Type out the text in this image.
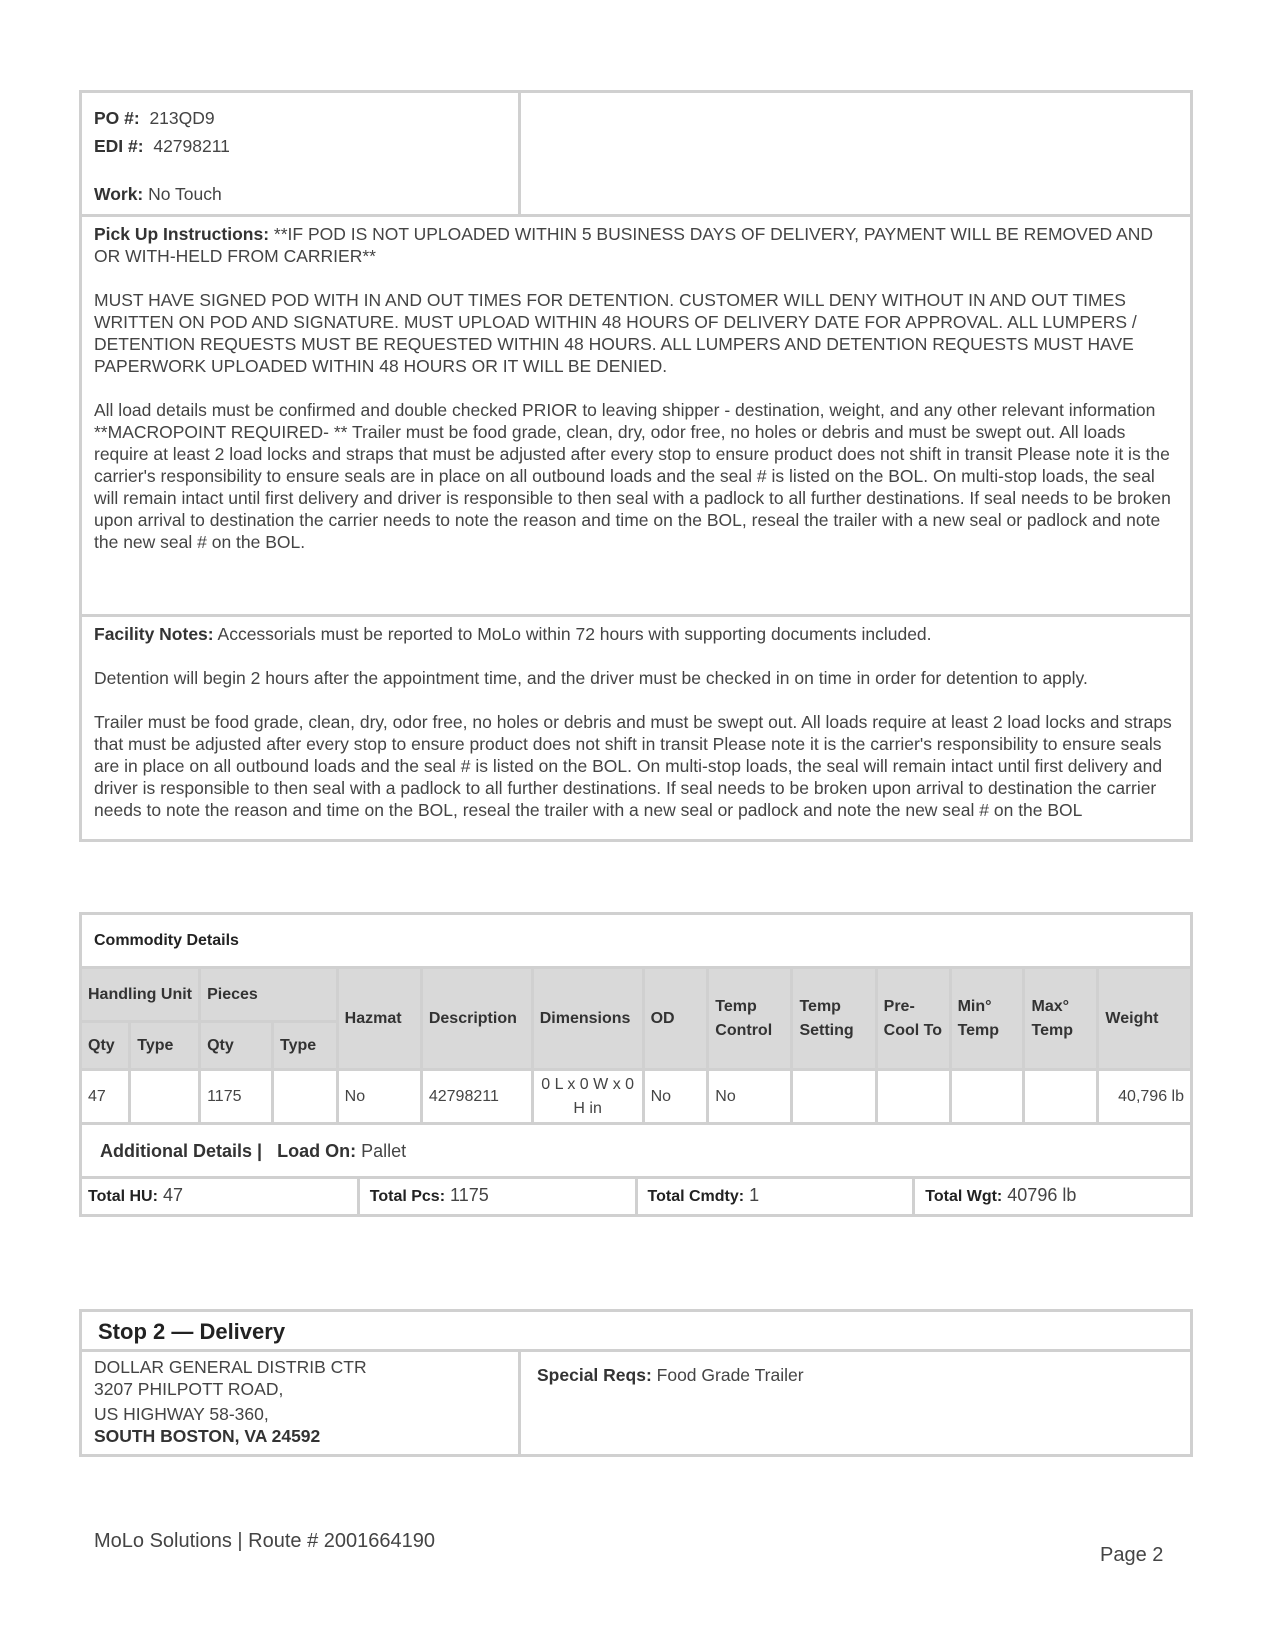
PO #: 213QD9

EDI #: 42798211

Work: No Touch

Pick Up Instructions: **IF POD IS NOT UPLOADED WITHIN 5 BUSINESS DAYS OF DELIVERY, PAYMENT WILL BE REMOVED AND OR WITH-HELD FROM CARRIER**

MUST HAVE SIGNED POD WITH IN AND OUT TIMES FOR DETENTION. CUSTOMER WILL DENY WITHOUT IN AND OUT TIMES WRITTEN ON POD AND SIGNATURE. MUST UPLOAD WITHIN 48 HOURS OF DELIVERY DATE FOR APPROVAL. ALL LUMPERS / DETENTION REQUESTS MUST BE REQUESTED WITHIN 48 HOURS. ALL LUMPERS AND DETENTION REQUESTS MUST HAVE PAPERWORK UPLOADED WITHIN 48 HOURS OR IT WILL BE DENIED.

All load details must be confirmed and double checked PRIOR to leaving shipper - destination, weight, and any other relevant information

**MACROPOINT REQUIRED- ** Trailer must be food grade, clean, dry, odor free, no holes or debris and must be swept out. All loads require at least 2 load locks and straps that must be adjusted after every stop to ensure product does not shift in transit Please note it is the carrier's responsibility to ensure seals are in place on all outbound loads and the seal # is listed on the BOL. On multi-stop loads, the seal will remain intact until first delivery and driver is responsible to then seal with a padlock to all further destinations. If seal needs to be broken upon arrival to destination the carrier needs to note the reason and time on the BOL, reseal the trailer with a new seal or padlock and note the new seal # on the BOL.

Facility Notes: Accessorials must be reported to MoLo within 72 hours with supporting documents included.

Detention will begin 2 hours after the appointment time, and the driver must be checked in on time in order for detention to apply.

Trailer must be food grade, clean, dry, odor free, no holes or debris and must be swept out. All loads require at least 2 load locks and straps that must be adjusted after every stop to ensure product does not shift in transit Please note it is the carrier's responsibility to ensure seals are in place on all outbound loads and the seal # is listed on the BOL. On multi-stop loads, the seal will remain intact until first delivery and driver is responsible to then seal with a padlock to all further destinations. If seal needs to be broken upon arrival to destination the carrier needs to note the reason and time on the BOL, reseal the trailer with a new seal or padlock and note the new seal # on the BOL

Commodity Details													
Handling Unit		Pieces		Hazmat	Description	Dimensions	OD	Temp Control	Temp Setting	Pre-Cool To	Min° Temp	Max° Temp	Weight
Qty	Type	Qty	Type										
47		1175		No	42798211	0 L x 0 W x 0 H in	No	No					40,796 lb
Additional Details | Load On: Pallet													
Total HU: 47	Total Pcs: 1175	Total Cmdty: 1	Total Wgt: 40796 lb
Stop 2 — Delivery

DOLLAR GENERAL DISTRIB CTR

3207 PHILPOTT ROAD,

US HIGHWAY 58-360,

SOUTH BOSTON, VA 24592

Special Reqs: Food Grade Trailer
MoLo Solutions | Route # 2001664190
Page 2
